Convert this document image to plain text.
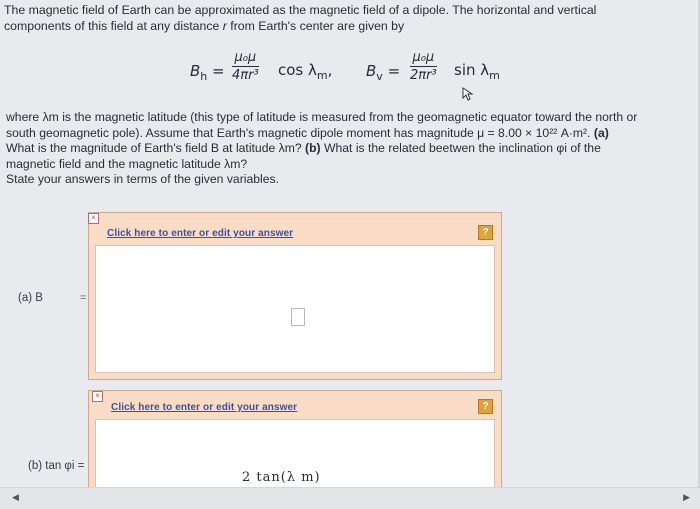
The magnetic field of Earth can be approximated as the magnetic field of a dipole. The horizontal and vertical
components of this field at any distance r from Earth's center are given by
$B_h = \frac{\text{μ₀μ}}{\text{4πr³}}$ $\cos \lambda_m$, $B_v = \frac{\text{μ₀μ}}{\text{2πr³}}$ $\sin \lambda_m$
where λm is the magnetic latitude (this type of latitude is measured from the geomagnetic equator toward the north or
south geomagnetic pole). Assume that Earth's magnetic dipole moment has magnitude μ = 8.00 × 10²² A·m². (a)
What is the magnitude of Earth's field B at latitude λm? (b) What is the related beetwen the inclination φi of the
magnetic field and the magnetic latitude λm?
State your answers in terms of the given variables.
(a) B	=
×
Click here to enter or edit your answer	?
×
Click here to enter or edit your answer	?
2 tan(λ m)
(b) tan φi =
◀	▶
